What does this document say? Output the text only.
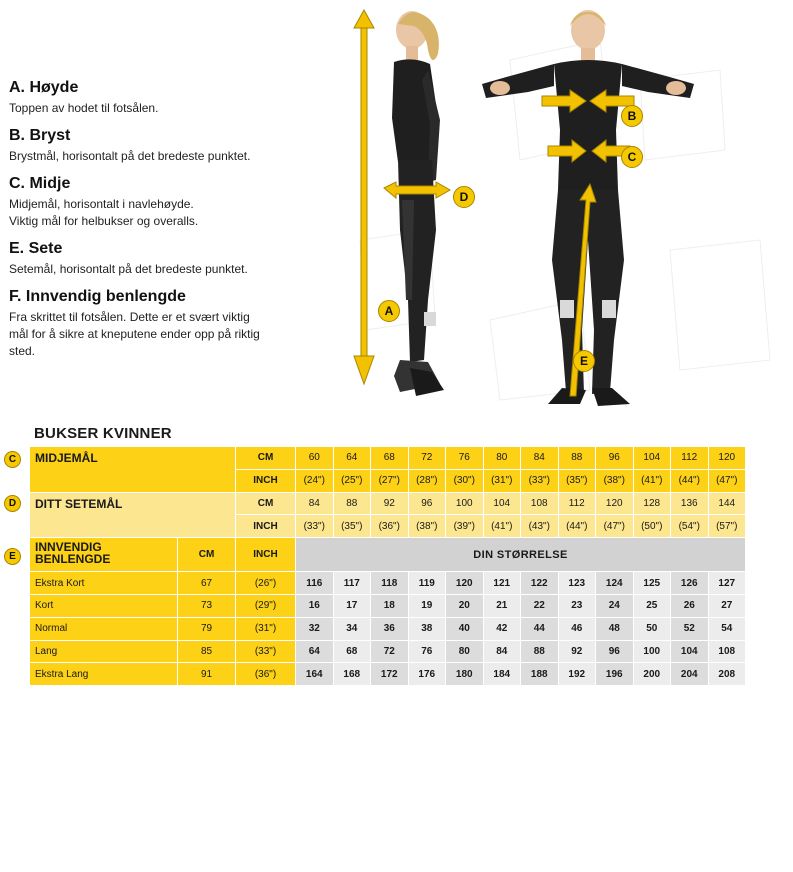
A. Høyde

Toppen av hodet til fotsålen.

B. Bryst

Brystmål, horisontalt på det bredeste punktet.

C. Midje

Midjemål, horisontalt i navlehøyde.

Viktig mål for helbukser og overalls.

E. Sete

Setemål, horisontalt på det bredeste punktet.

F. Innvendig benlengde

Fra skrittet til fotsålen. Dette er et svært viktig

mål for å sikre at kneputene ender opp på riktig

sted.

A
B
C
D
E
BUKSER KVINNER
C
D
E
MIDJEMÅL		CM	60	64	68	72	76	80	84	88	96	104	112	120
		INCH	(24")	(25")	(27")	(28")	(30")	(31")	(33")	(35")	(38")	(41")	(44")	(47")
DITT SETEMÅL		CM	84	88	92	96	100	104	108	112	120	128	136	144
		INCH	(33")	(35")	(36")	(38")	(39")	(41")	(43")	(44")	(47")	(50")	(54")	(57")

INNVENDIG
BENLENGDE	CM	INCH	DIN STØRRELSE											
Ekstra Kort	67	(26")	116	117	118	119	120	121	122	123	124	125	126	127
Kort	73	(29")	16	17	18	19	20	21	22	23	24	25	26	27
Normal	79	(31")	32	34	36	38	40	42	44	46	48	50	52	54
Lang	85	(33")	64	68	72	76	80	84	88	92	96	100	104	108
Ekstra Lang	91	(36")	164	168	172	176	180	184	188	192	196	200	204	208
